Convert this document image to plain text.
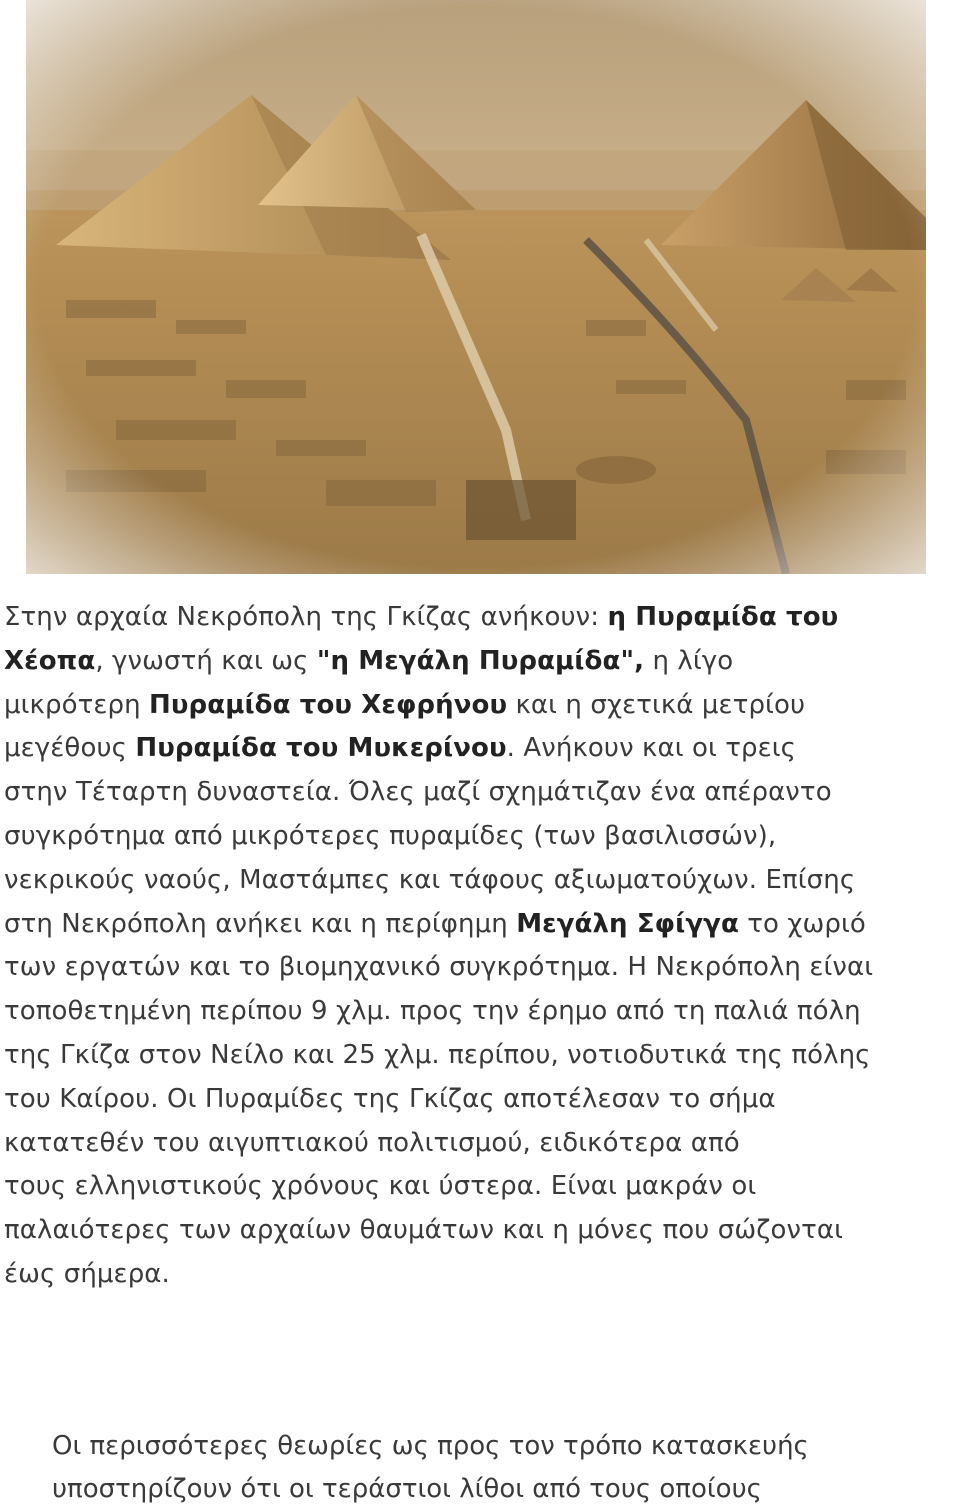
Στην αρχαία Νεκρόπολη της Γκίζας ανήκουν: η Πυραμίδα του
Χέοπα, γνωστή και ως "η Μεγάλη Πυραμίδα", η λίγο
μικρότερη Πυραμίδα του Χεφρήνου και η σχετικά μετρίου
μεγέθους Πυραμίδα του Μυκερίνου. Ανήκουν και οι τρεις
στην Τέταρτη δυναστεία. Όλες μαζί σχημάτιζαν ένα απέραντο
συγκρότημα από μικρότερες πυραμίδες (των βασιλισσών),
νεκρικούς ναούς, Μαστάμπες και τάφους αξιωματούχων. Επίσης
στη Νεκρόπολη ανήκει και η περίφημη Μεγάλη Σφίγγα το χωριό
των εργατών και το βιομηχανικό συγκρότημα. Η Νεκρόπολη είναι
τοποθετημένη περίπου 9 χλμ. προς την έρημο από τη παλιά πόλη
της Γκίζα στον Νείλο και 25 χλμ. περίπου, νοτιοδυτικά της πόλης
του Καίρου. Οι Πυραμίδες της Γκίζας αποτέλεσαν το σήμα
κατατεθέν του αιγυπτιακού πολιτισμού, ειδικότερα από
τους ελληνιστικούς χρόνους και ύστερα. Είναι μακράν οι
παλαιότερες των αρχαίων θαυμάτων και η μόνες που σώζονται
έως σήμερα.
Οι περισσότερες θεωρίες ως προς τον τρόπο κατασκευής
υποστηρίζουν ότι οι τεράστιοι λίθοι από τους οποίους
